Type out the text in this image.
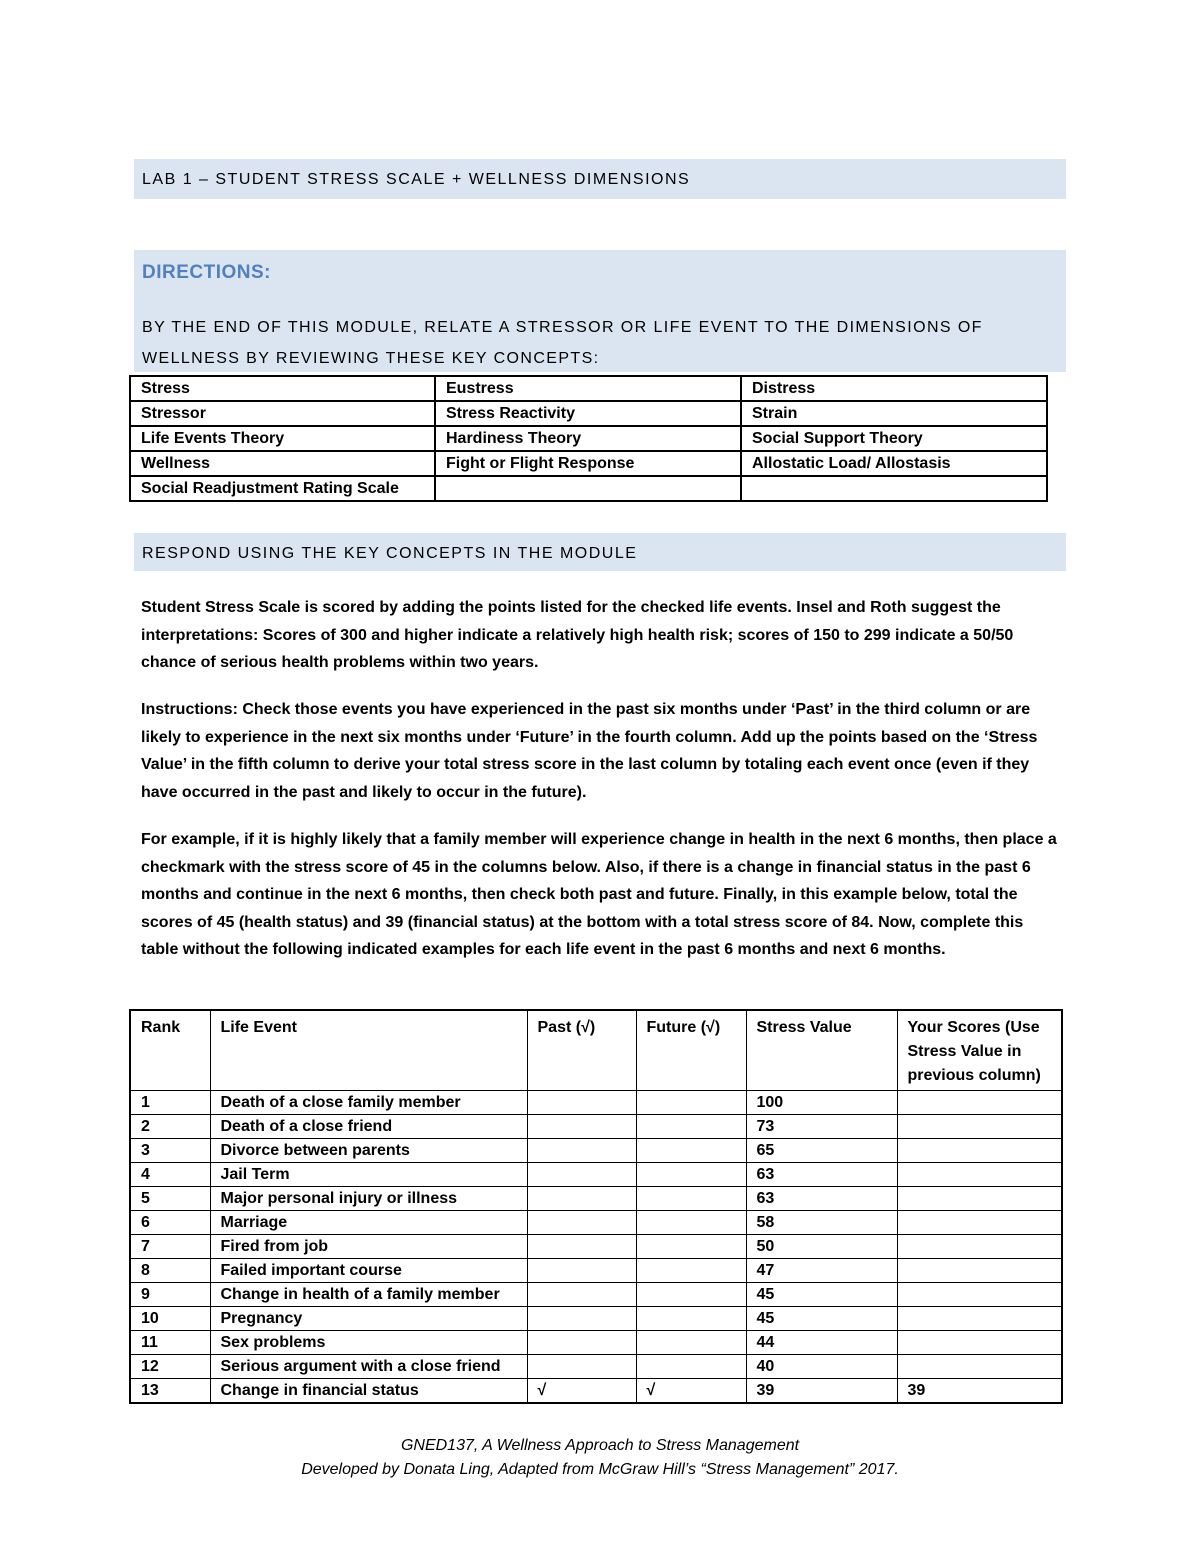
LAB 1 – STUDENT STRESS SCALE + WELLNESS DIMENSIONS
DIRECTIONS:
BY THE END OF THIS MODULE, RELATE A STRESSOR OR LIFE EVENT TO THE DIMENSIONS OF WELLNESS BY REVIEWING THESE KEY CONCEPTS:
Stress	Eustress	Distress
Stressor	Stress Reactivity	Strain
Life Events Theory	Hardiness Theory	Social Support Theory
Wellness	Fight or Flight Response	Allostatic Load/ Allostasis
Social Readjustment Rating Scale		
RESPOND USING THE KEY CONCEPTS IN THE MODULE
Student Stress Scale is scored by adding the points listed for the checked life events. Insel and Roth suggest the interpretations: Scores of 300 and higher indicate a relatively high health risk; scores of 150 to 299 indicate a 50/50 chance of serious health problems within two years.
Instructions: Check those events you have experienced in the past six months under ‘Past’ in the third column or are likely to experience in the next six months under ‘Future’ in the fourth column. Add up the points based on the ‘Stress Value’ in the fifth column to derive your total stress score in the last column by totaling each event once (even if they have occurred in the past and likely to occur in the future).
For example, if it is highly likely that a family member will experience change in health in the next 6 months, then place a checkmark with the stress score of 45 in the columns below. Also, if there is a change in financial status in the past 6 months and continue in the next 6 months, then check both past and future. Finally, in this example below, total the scores of 45 (health status) and 39 (financial status) at the bottom with a total stress score of 84. Now, complete this table without the following indicated examples for each life event in the past 6 months and next 6 months.
Rank	Life Event	Past (√)	Future (√)	Stress Value	Your Scores (Use Stress Value in previous column)
1	Death of a close family member			100	
2	Death of a close friend			73	
3	Divorce between parents			65	
4	Jail Term			63	
5	Major personal injury or illness			63	
6	Marriage			58	
7	Fired from job			50	
8	Failed important course			47	
9	Change in health of a family member			45	
10	Pregnancy			45	
11	Sex problems			44	
12	Serious argument with a close friend			40	
13	Change in financial status	√	√	39	39
GNED137, A Wellness Approach to Stress Management
Developed by Donata Ling, Adapted from McGraw Hill’s “Stress Management” 2017.
